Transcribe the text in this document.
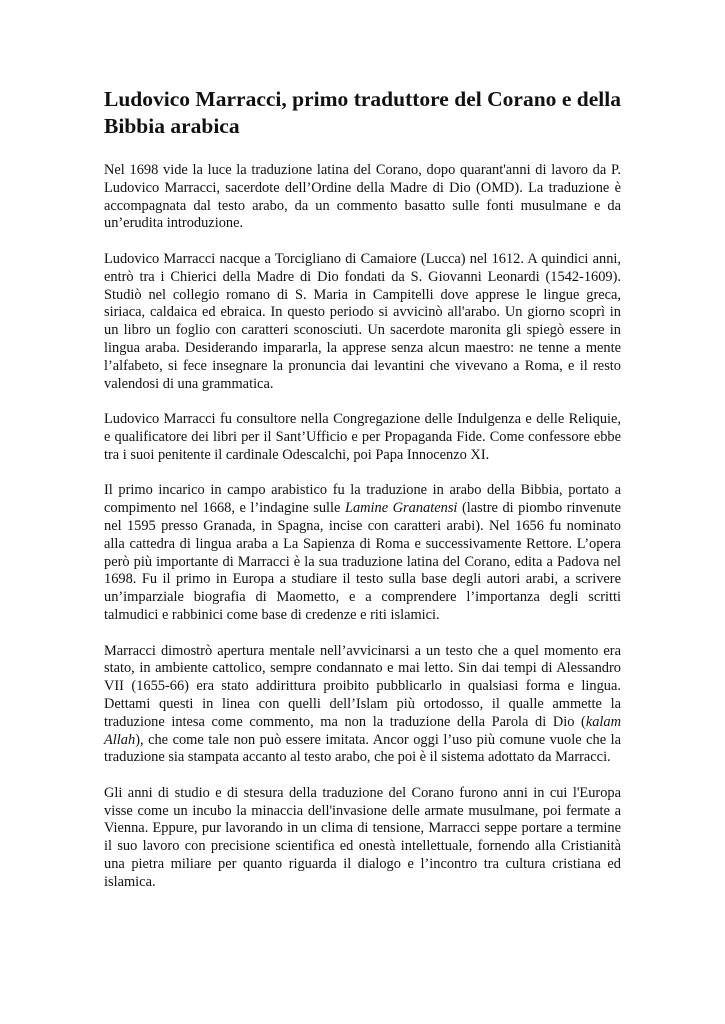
Ludovico Marracci, primo traduttore del Corano e della Bibbia arabica

Nel 1698 vide la luce la traduzione latina del Corano, dopo quarant'anni di lavoro da P. Ludovico Marracci, sacerdote dell’Ordine della Madre di Dio (OMD). La traduzione è accompagnata dal testo arabo, da un commento basatto sulle fonti musulmane e da un’erudita introduzione.

Ludovico Marracci nacque a Torcigliano di Camaiore (Lucca) nel 1612. A quindici anni, entrò tra i Chierici della Madre di Dio fondati da S. Giovanni Leonardi (1542-1609). Studiò nel collegio romano di S. Maria in Campitelli dove apprese le lingue greca, siriaca, caldaica ed ebraica. In questo periodo si avvicinò all'arabo. Un giorno scoprì in un libro un foglio con caratteri sconosciuti. Un sacerdote maronita gli spiegò essere in lingua araba. Desiderando impararla, la apprese senza alcun maestro: ne tenne a mente l’alfabeto, si fece insegnare la pronuncia dai levantini che vivevano a Roma, e il resto valendosi di una grammatica.

Ludovico Marracci fu consultore nella Congregazione delle Indulgenza e delle Reliquie, e qualificatore dei libri per il Sant’Ufficio e per Propaganda Fide. Come confessore ebbe tra i suoi penitente il cardinale Odescalchi, poi Papa Innocenzo XI.

Il primo incarico in campo arabistico fu la traduzione in arabo della Bibbia, portato a compimento nel 1668, e l’indagine sulle Lamine Granatensi (lastre di piombo rinvenute nel 1595 presso Granada, in Spagna, incise con caratteri arabi). Nel 1656 fu nominato alla cattedra di lingua araba a La Sapienza di Roma e successivamente Rettore. L’opera però più importante di Marracci è la sua traduzione latina del Corano, edita a Padova nel 1698. Fu il primo in Europa a studiare il testo sulla base degli autori arabi, a scrivere un’imparziale biografia di Maometto, e a comprendere l’importanza degli scritti talmudici e rabbinici come base di credenze e riti islamici.

Marracci dimostrò apertura mentale nell’avvicinarsi a un testo che a quel momento era stato, in ambiente cattolico, sempre condannato e mai letto. Sin dai tempi di Alessandro VII (1655-66) era stato addirittura proibito pubblicarlo in qualsiasi forma e lingua. Dettami questi in linea con quelli dell’Islam più ortodosso, il qualle ammette la traduzione intesa come commento, ma non la traduzione della Parola di Dio (kalam Allah), che come tale non può essere imitata. Ancor oggi l’uso più comune vuole che la traduzione sia stampata accanto al testo arabo, che poi è il sistema adottato da Marracci.

Gli anni di studio e di stesura della traduzione del Corano furono anni in cui l'Europa visse come un incubo la minaccia dell'invasione delle armate musulmane, poi fermate a Vienna. Eppure, pur lavorando in un clima di tensione, Marracci seppe portare a termine il suo lavoro con precisione scientifica ed onestà intellettuale, fornendo alla Cristianità una pietra miliare per quanto riguarda il dialogo e l’incontro tra cultura cristiana ed islamica.
